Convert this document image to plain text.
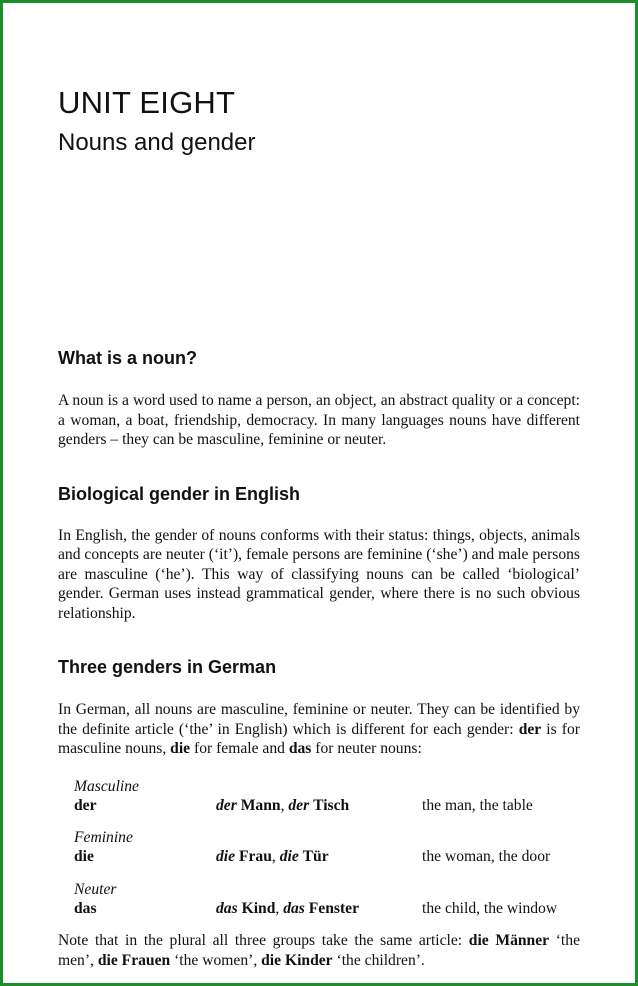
UNIT EIGHT
Nouns and gender
What is a noun?

A noun is a word used to name a person, an object, an abstract quality or a concept: a woman, a boat, friendship, democracy. In many languages nouns have different genders – they can be masculine, feminine or neuter.

Biological gender in English

In English, the gender of nouns conforms with their status: things, objects, animals and concepts are neuter (‘it’), female persons are feminine (‘she’) and male persons are masculine (‘he’). This way of classifying nouns can be called ‘biological’ gender. German uses instead grammatical gender, where there is no such obvious relationship.

Three genders in German

In German, all nouns are masculine, feminine or neuter. They can be identified by the definite article (‘the’ in English) which is different for each gender: der is for masculine nouns, die for female and das for neuter nouns:

Masculine
der	der Mann, der Tisch	the man, the table
Feminine
die	die Frau, die Tür	the woman, the door
Neuter
das	das Kind, das Fenster	the child, the window

Note that in the plural all three groups take the same article: die Männer ‘the men’, die Frauen ‘the women’, die Kinder ‘the children’.
